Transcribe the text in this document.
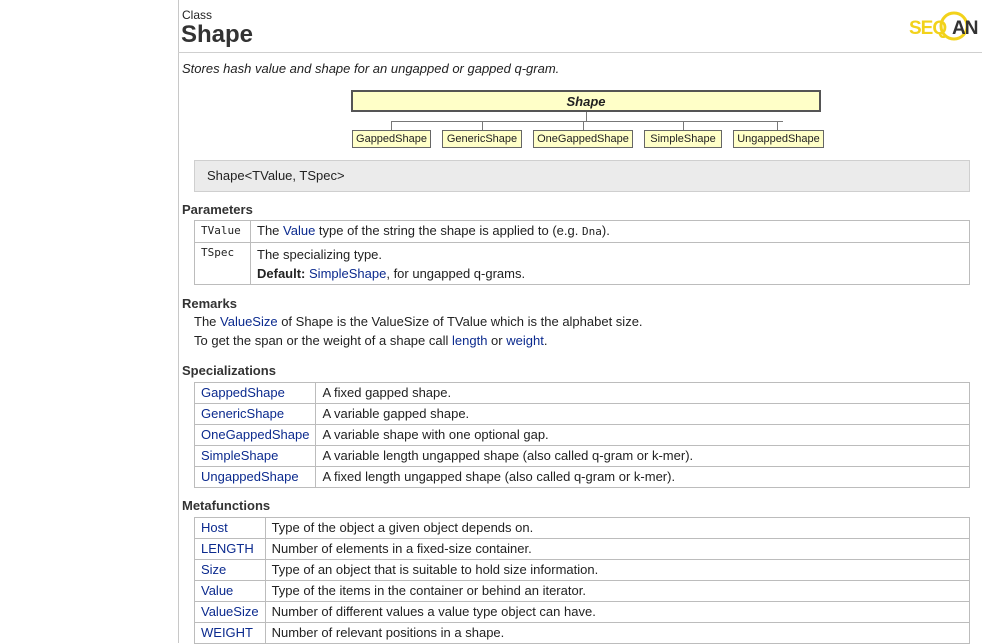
Class
Shape	SEQ AN
Stores hash value and shape for an ungapped or gapped q-gram.
Shape
GappedShape	GenericShape	OneGappedShape	SimpleShape	UngappedShape
Shape<TValue, TSpec>
Parameters
TValue	The Value type of the string the shape is applied to (e.g. Dna).
TSpec	The specializing type.
Default: SimpleShape, for ungapped q-grams.
Remarks
The ValueSize of Shape is the ValueSize of TValue which is the alphabet size.
To get the span or the weight of a shape call length or weight.
Specializations
GappedShape	A fixed gapped shape.
GenericShape	A variable gapped shape.
OneGappedShape	A variable shape with one optional gap.
SimpleShape	A variable length ungapped shape (also called q-gram or k-mer).
UngappedShape	A fixed length ungapped shape (also called q-gram or k-mer).
Metafunctions
Host	Type of the object a given object depends on.
LENGTH	Number of elements in a fixed-size container.
Size	Type of an object that is suitable to hold size information.
Value	Type of the items in the container or behind an iterator.
ValueSize	Number of different values a value type object can have.
WEIGHT	Number of relevant positions in a shape.
